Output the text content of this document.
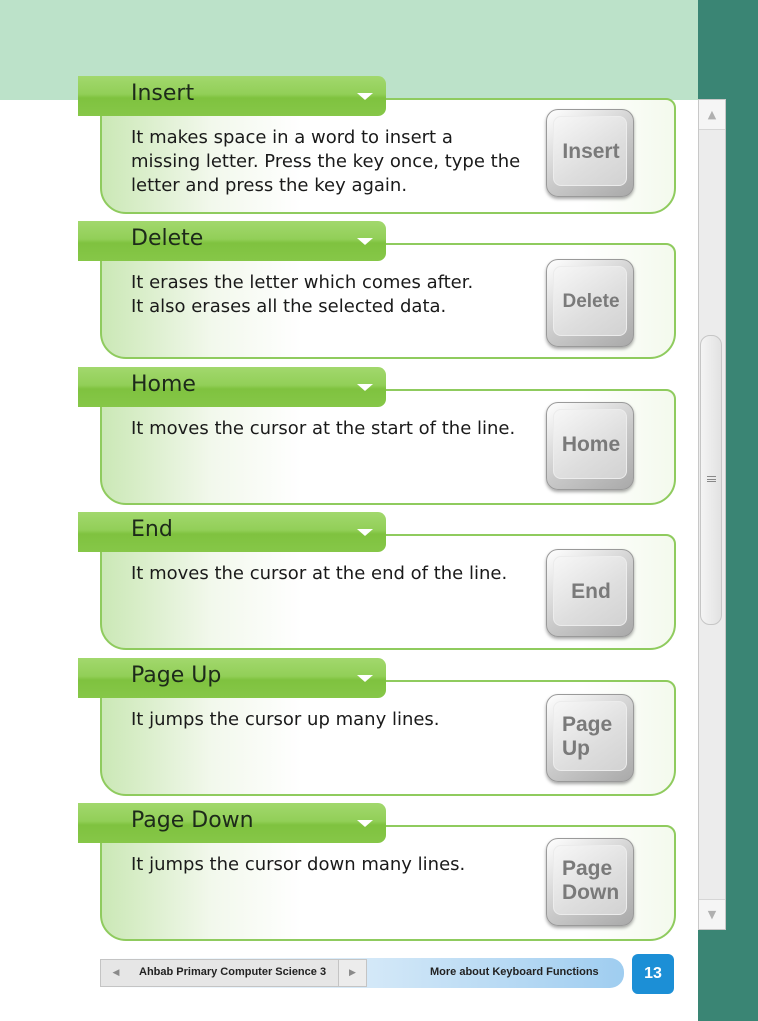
Insert
It makes space in a word to insert a
missing letter. Press the key once, type the
letter and press the key again.
Insert
Delete
It erases the letter which comes after.
It also erases all the selected data.	Delete
Home
It moves the cursor at the start of the line.
Home
End
It moves the cursor at the end of the line.
End
Page Up
It jumps the cursor up many lines.	Page
Up
Page Down
It jumps the cursor down many lines.	Page
Down
▲
▼
◀	Ahbab Primary Computer Science 3	▶	More about Keyboard Functions	13
